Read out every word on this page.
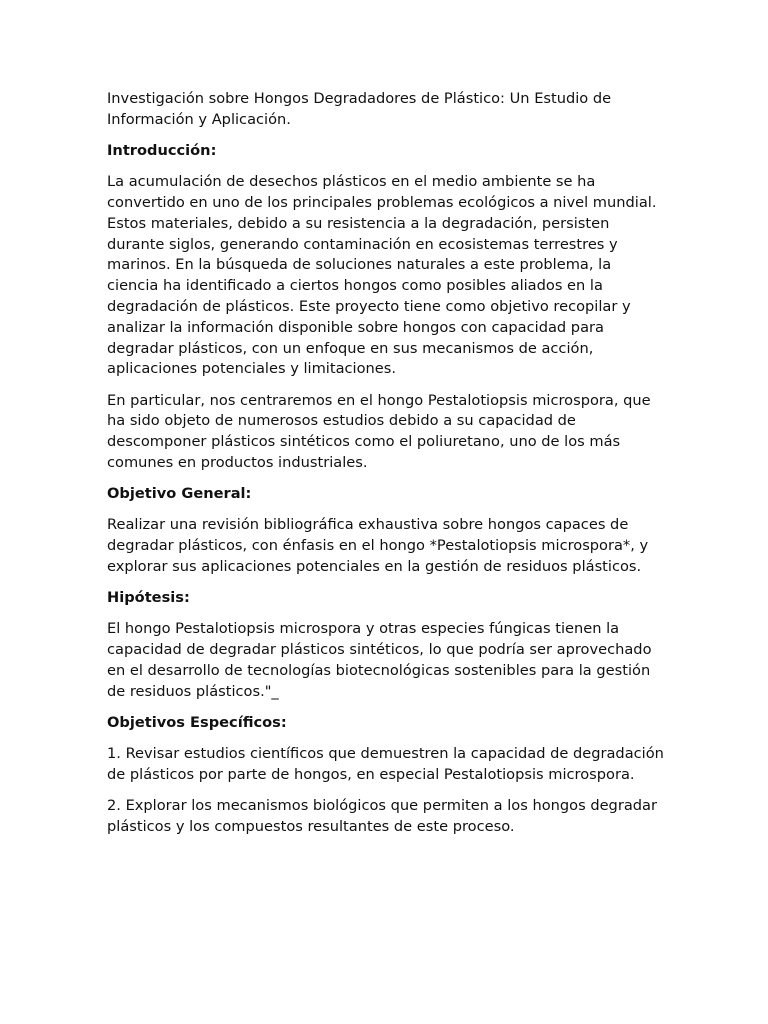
Investigación sobre Hongos Degradadores de Plástico: Un Estudio de Información y Aplicación.

Introducción:

La acumulación de desechos plásticos en el medio ambiente se ha convertido en uno de los principales problemas ecológicos a nivel mundial. Estos materiales, debido a su resistencia a la degradación, persisten durante siglos, generando contaminación en ecosistemas terrestres y marinos. En la búsqueda de soluciones naturales a este problema, la ciencia ha identificado a ciertos hongos como posibles aliados en la degradación de plásticos. Este proyecto tiene como objetivo recopilar y analizar la información disponible sobre hongos con capacidad para degradar plásticos, con un enfoque en sus mecanismos de acción, aplicaciones potenciales y limitaciones.

En particular, nos centraremos en el hongo Pestalotiopsis microspora, que ha sido objeto de numerosos estudios debido a su capacidad de descomponer plásticos sintéticos como el poliuretano, uno de los más comunes en productos industriales.

Objetivo General:

Realizar una revisión bibliográfica exhaustiva sobre hongos capaces de degradar plásticos, con énfasis en el hongo *Pestalotiopsis microspora*, y explorar sus aplicaciones potenciales en la gestión de residuos plásticos.

Hipótesis:

El hongo Pestalotiopsis microspora y otras especies fúngicas tienen la capacidad de degradar plásticos sintéticos, lo que podría ser aprovechado en el desarrollo de tecnologías biotecnológicas sostenibles para la gestión de residuos plásticos."_

Objetivos Específicos:

1. Revisar estudios científicos que demuestren la capacidad de degradación de plásticos por parte de hongos, en especial Pestalotiopsis microspora.

2. Explorar los mecanismos biológicos que permiten a los hongos degradar plásticos y los compuestos resultantes de este proceso.
